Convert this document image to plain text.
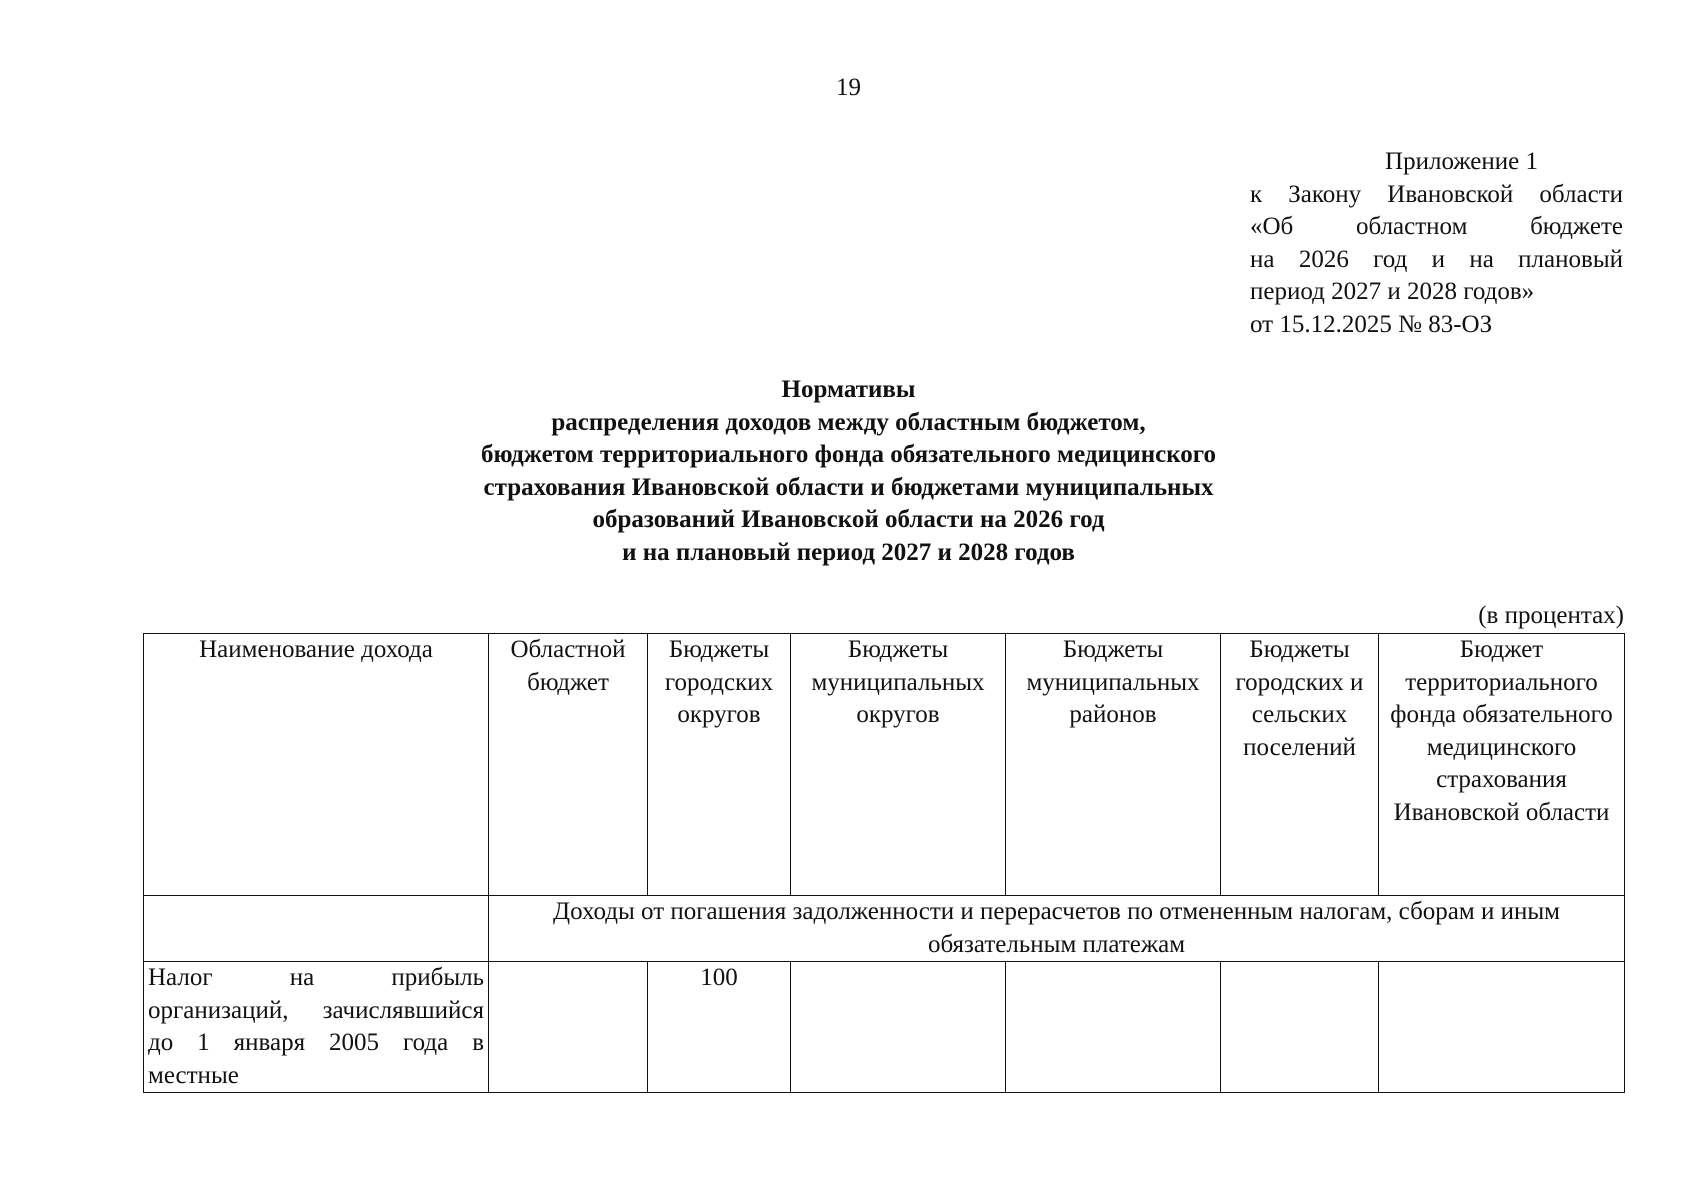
19
Приложение 1
к Закону Ивановской области
«Об областном бюджете
на 2026 год и на плановый
период 2027 и 2028 годов»
от 15.12.2025 № 83-ОЗ
Нормативы
распределения доходов между областным бюджетом,
бюджетом территориального фонда обязательного медицинского
страхования Ивановской области и бюджетами муниципальных
образований Ивановской области на 2026 год
и на плановый период 2027 и 2028 годов
(в процентах)
Наименование дохода	Областной бюджет	Бюджеты городских округов	Бюджеты муниципальных округов	Бюджеты муниципальных районов	Бюджеты городских и сельских поселений	Бюджет территориального фонда обязательного медицинского страхования Ивановской области
	Доходы от погашения задолженности и перерасчетов по отмененным налогам, сборам и иным обязательным платежам					
Налог на прибыль организаций, зачислявшийся до 1 января 2005 года в местные		100				
